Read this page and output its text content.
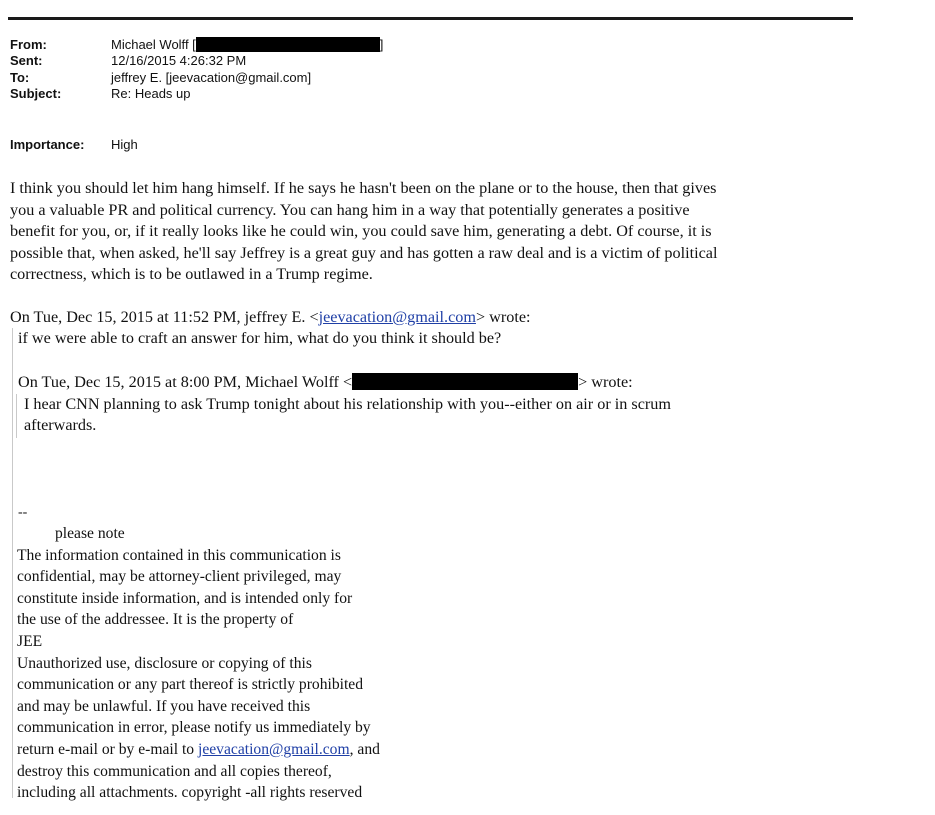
From:	Michael Wolff [	]
Sent:	12/16/2015 4:26:32 PM
To:	jeffrey E. [jeevacation@gmail.com]
Subject:	Re: Heads up
Importance:	High

I think you should let him hang himself. If he says he hasn't been on the plane or to the house, then that gives

you a valuable PR and political currency. You can hang him in a way that potentially generates a positive

benefit for you, or, if it really looks like he could win, you could save him, generating a debt. Of course, it is

possible that, when asked, he'll say Jeffrey is a great guy and has gotten a raw deal and is a victim of political

correctness, which is to be outlawed in a Trump regime.

On Tue, Dec 15, 2015 at 11:52 PM, jeffrey E. <jeevacation@gmail.com> wrote:
if we were able to craft an answer for him, what do you think it should be?
On Tue, Dec 15, 2015 at 8:00 PM, Michael Wolff <	> wrote:
I hear CNN planning to ask Trump tonight about his relationship with you--either on air or in scrum
afterwards.
--
please note
The information contained in this communication is
confidential, may be attorney-client privileged, may
constitute inside information, and is intended only for
the use of the addressee. It is the property of
JEE
Unauthorized use, disclosure or copying of this
communication or any part thereof is strictly prohibited
and may be unlawful. If you have received this
communication in error, please notify us immediately by
return e-mail or by e-mail to jeevacation@gmail.com, and
destroy this communication and all copies thereof,
including all attachments. copyright -all rights reserved
